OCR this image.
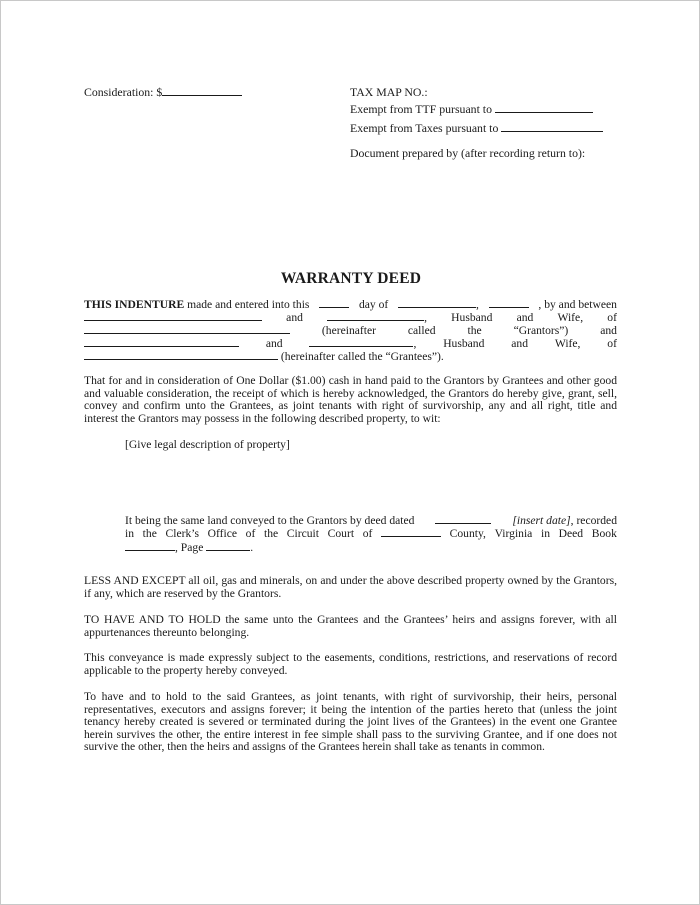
Consideration: $	TAX MAP NO.:
Exempt from TTF pursuant to
Exempt from Taxes pursuant to
Document prepared by (after recording return to):
WARRANTY DEED
THIS INDENTURE made and entered into this	day of	,	, by and between
and	, Husband and Wife, of
(hereinafter	called	the	“Grantors”)	and
and	, Husband and Wife, of
(hereinafter called the “Grantees”).
That for and in consideration of One Dollar ($1.00) cash in hand paid to the Grantors by Grantees and other good and valuable consideration, the receipt of which is hereby acknowledged, the Grantors do hereby give, grant, sell, convey and confirm unto the Grantees, as joint tenants with right of survivorship, any and all right, title and interest the Grantors may possess in the following described property, to wit:
[Give legal description of property]
It being the same land conveyed to the Grantors by deed dated	[insert date], recorded
in the Clerk’s Office of the Circuit Court of	County, Virginia in Deed Book
, Page	.
LESS AND EXCEPT all oil, gas and minerals, on and under the above described property owned by the Grantors, if any, which are reserved by the Grantors.
TO HAVE AND TO HOLD the same unto the Grantees and the Grantees’ heirs and assigns forever, with all appurtenances thereunto belonging.
This conveyance is made expressly subject to the easements, conditions, restrictions, and reservations of record applicable to the property hereby conveyed.
To have and to hold to the said Grantees, as joint tenants, with right of survivorship, their heirs, personal representatives, executors and assigns forever; it being the intention of the parties hereto that (unless the joint tenancy hereby created is severed or terminated during the joint lives of the Grantees) in the event one Grantee herein survives the other, the entire interest in fee simple shall pass to the surviving Grantee, and if one does not survive the other, then the heirs and assigns of the Grantees herein shall take as tenants in common.
